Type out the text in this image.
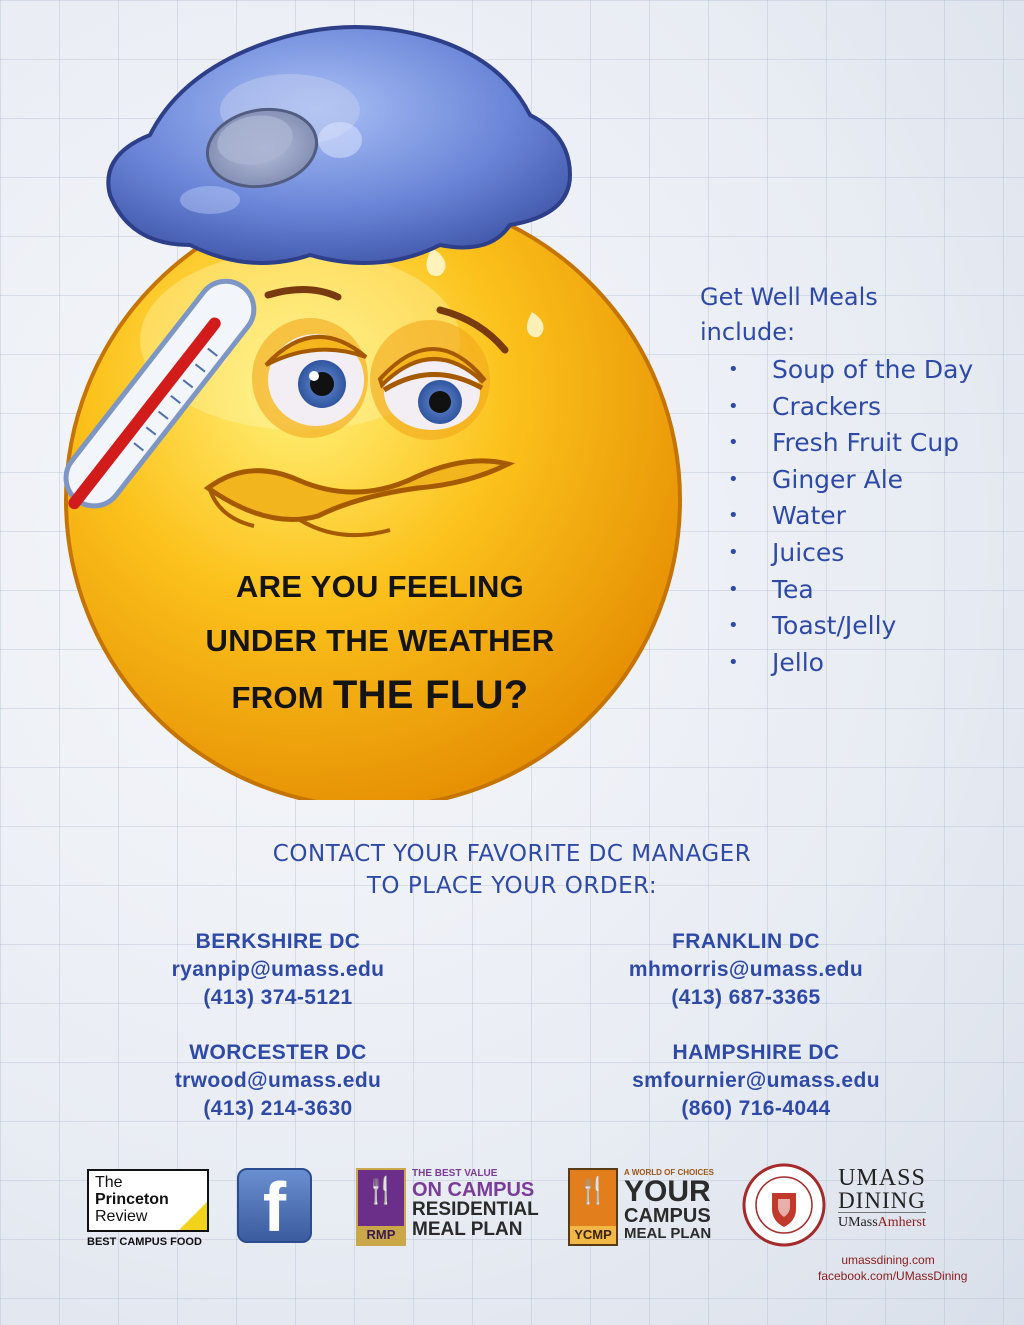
ARE YOU FEELING
UNDER THE WEATHER
FROM THE FLU?
Get Well Meals
include:
• Soup of the Day
• Crackers
• Fresh Fruit Cup
• Ginger Ale
• Water
• Juices
• Tea
• Toast/Jelly
• Jello
CONTACT YOUR FAVORITE DC MANAGER
TO PLACE YOUR ORDER:
BERKSHIRE DC
ryanpip@umass.edu
(413) 374-5121
FRANKLIN DC
mhmorris@umass.edu
(413) 687-3365
WORCESTER DC
trwood@umass.edu
(413) 214-3630
HAMPSHIRE DC
smfournier@umass.edu
(860) 716-4044
The
Princeton
Review
BEST CAMPUS FOOD f	🍴
RMP
THE BEST VALUE
ON CAMPUS
RESIDENTIAL
MEAL PLAN
🍴
YCMP
A WORLD OF CHOICES
YOUR
CAMPUS
MEAL PLAN
UMASS
DINING
UMassAmherst
umassdining.com
facebook.com/UMassDining
